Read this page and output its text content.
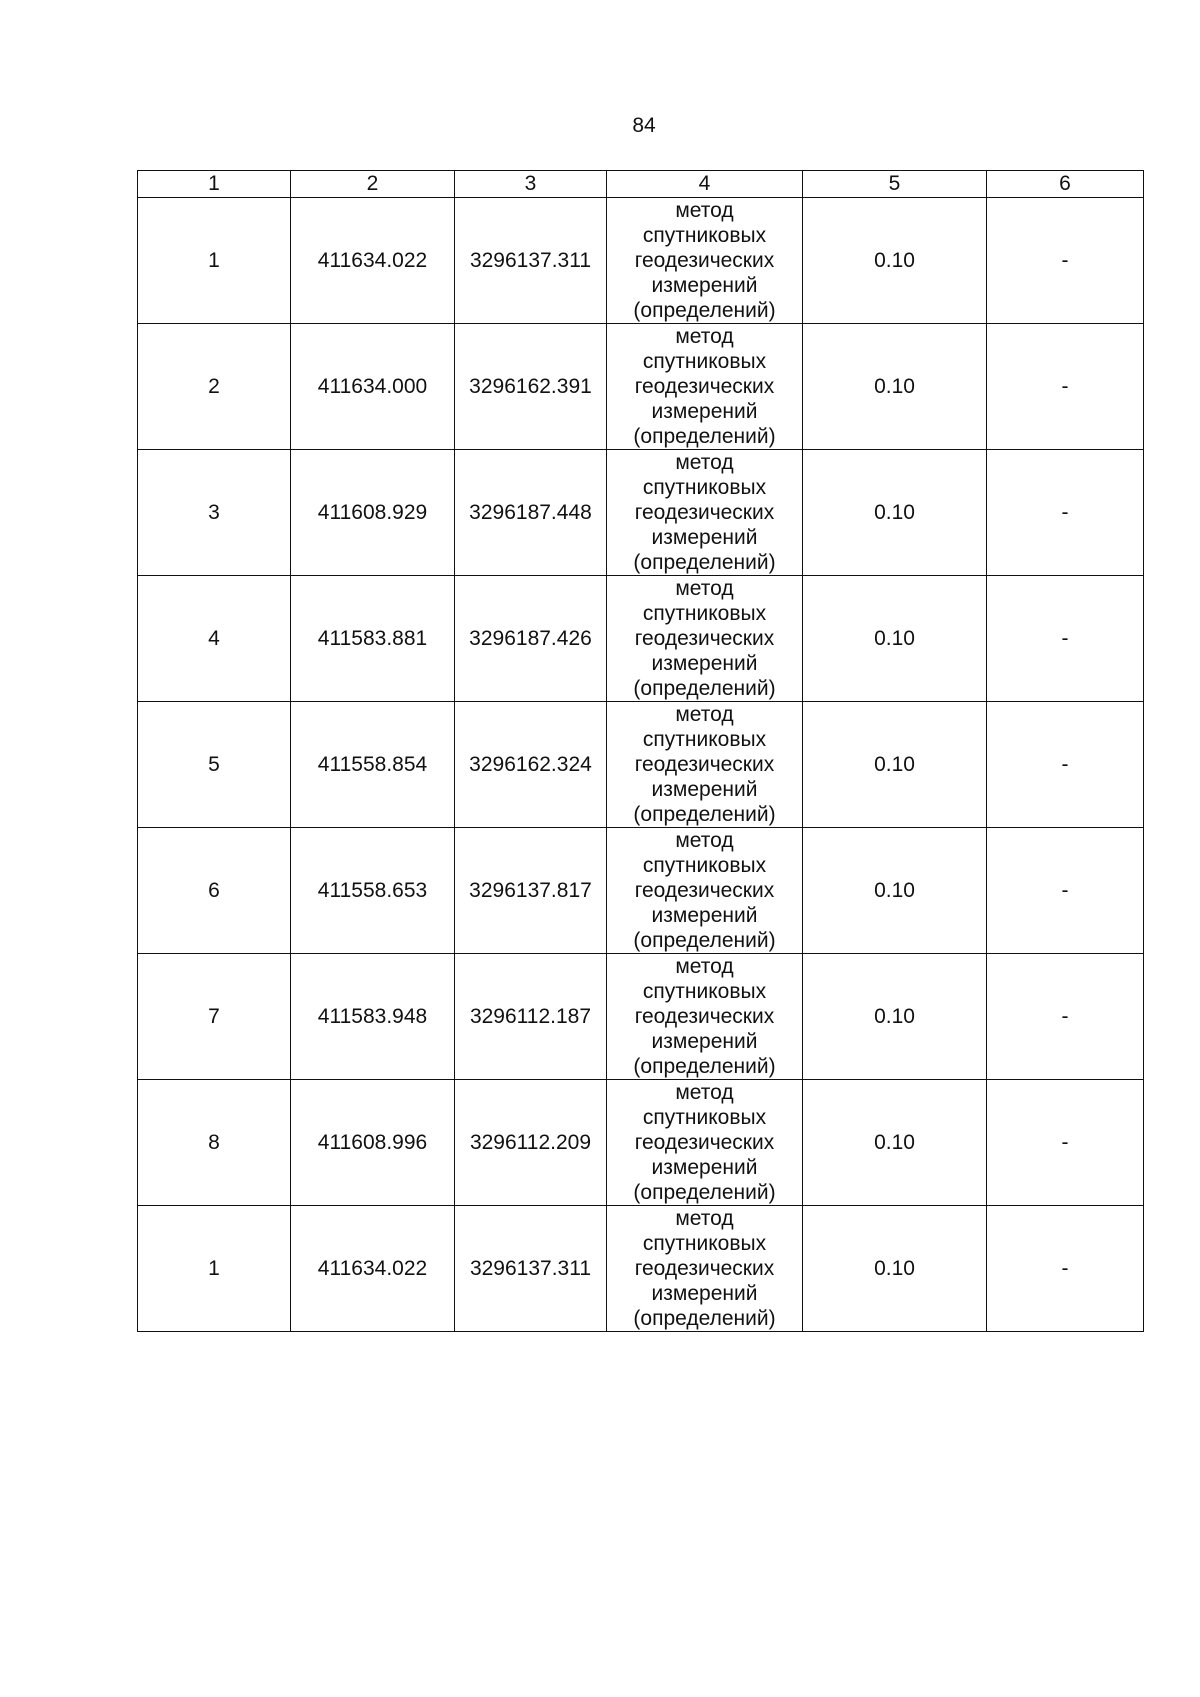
84
1	2	3	4	5	6
1	411634.022	3296137.311	метод
спутниковых
геодезических
измерений
(определений)	0.10	-
2	411634.000	3296162.391	метод
спутниковых
геодезических
измерений
(определений)	0.10	-
3	411608.929	3296187.448	метод
спутниковых
геодезических
измерений
(определений)	0.10	-
4	411583.881	3296187.426	метод
спутниковых
геодезических
измерений
(определений)	0.10	-
5	411558.854	3296162.324	метод
спутниковых
геодезических
измерений
(определений)	0.10	-
6	411558.653	3296137.817	метод
спутниковых
геодезических
измерений
(определений)	0.10	-
7	411583.948	3296112.187	метод
спутниковых
геодезических
измерений
(определений)	0.10	-
8	411608.996	3296112.209	метод
спутниковых
геодезических
измерений
(определений)	0.10	-
1	411634.022	3296137.311	метод
спутниковых
геодезических
измерений
(определений)	0.10	-
